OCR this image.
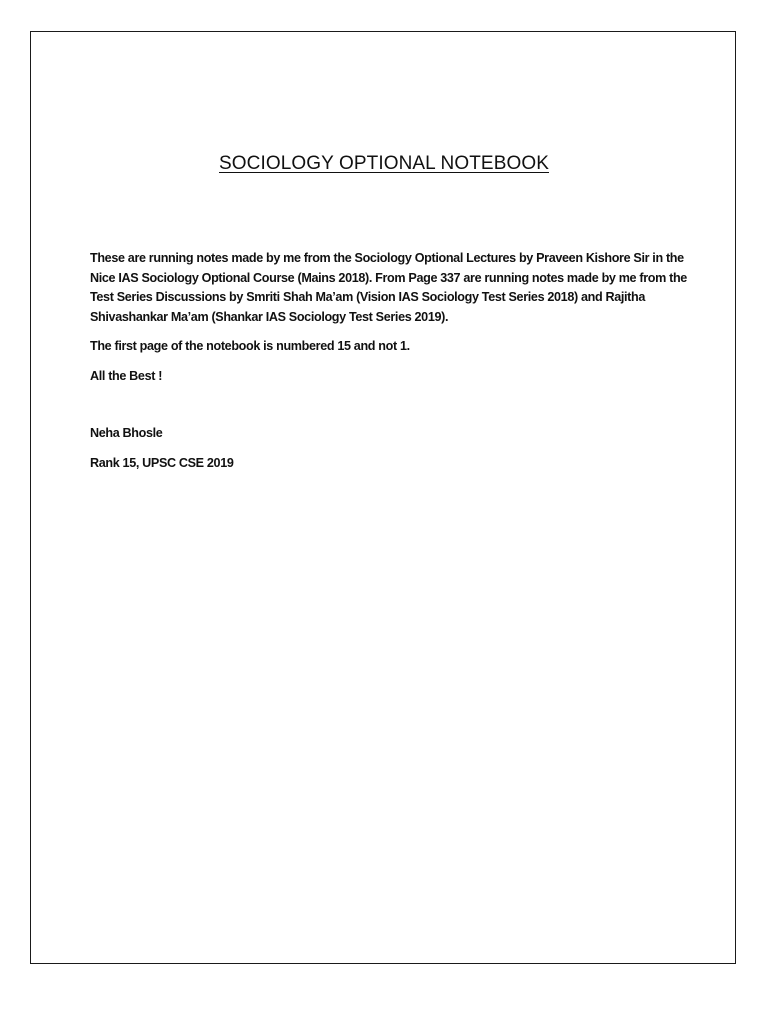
SOCIOLOGY OPTIONAL NOTEBOOK

These are running notes made by me from the Sociology Optional Lectures by Praveen Kishore Sir in the Nice IAS Sociology Optional Course (Mains 2018). From Page 337 are running notes made by me from the Test Series Discussions by Smriti Shah Ma’am (Vision IAS Sociology Test Series 2018) and Rajitha Shivashankar Ma’am (Shankar IAS Sociology Test Series 2019).

The first page of the notebook is numbered 15 and not 1.

All the Best !

Neha Bhosle

Rank 15, UPSC CSE 2019
